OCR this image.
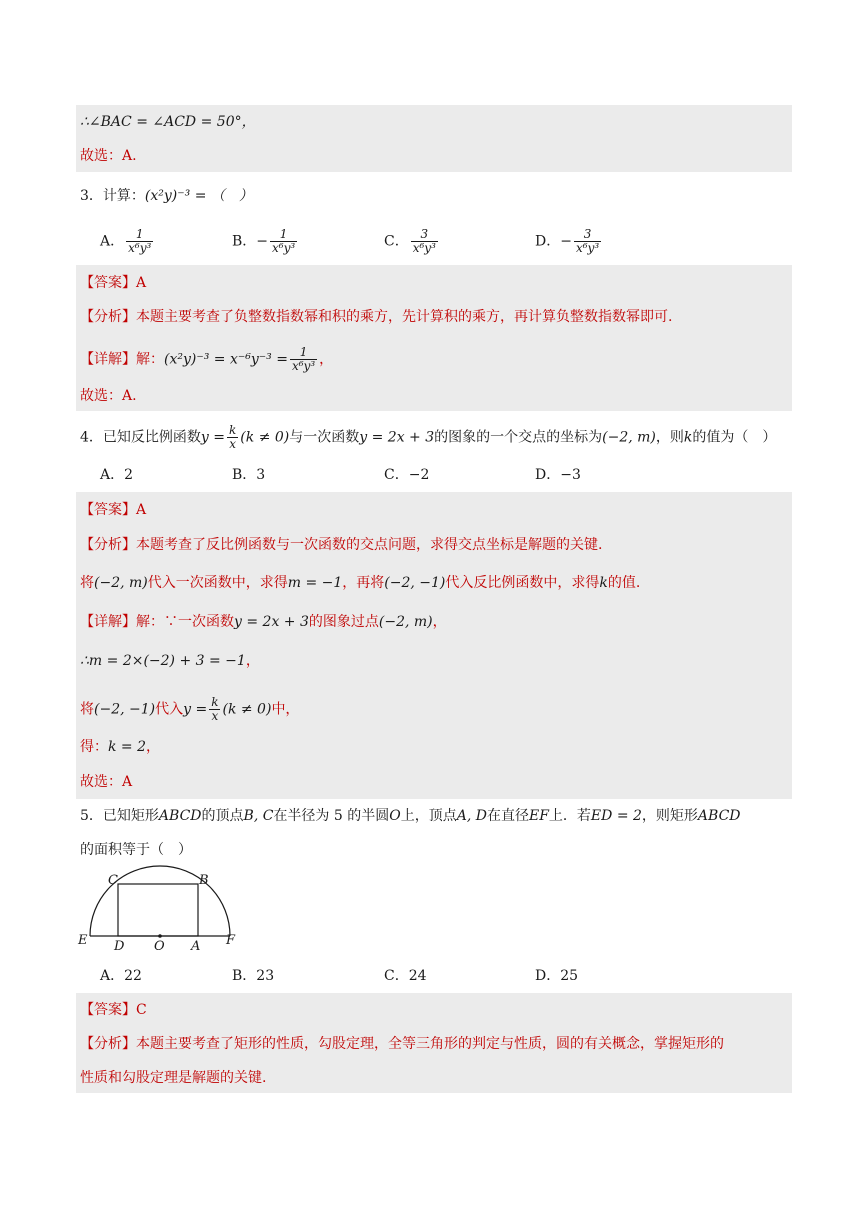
∴∠BAC = ∠ACD = 50°，
故选：A.
3．计算：(x²y)⁻³ = （　）
A． $\frac{1}{\text{x⁶y³}}$	B．− $\frac{1}{\text{x⁶y³}}$	C． $\frac{3}{\text{x⁶y³}}$	D．− $\frac{3}{\text{x⁶y³}}$
【答案】A
【分析】本题主要考查了负整数指数幂和积的乘方，先计算积的乘方，再计算负整数指数幂即可.
【详解】解：$(x^2y)^{-3} = x^{-6}y^{-3} = \frac{1}{\text{x⁶y³}}$ ，
故选：A.
4．已知反比例函数$y = \frac{k}{x} (k \ne 0)$与一次函数y = 2x + 3的图象的一个交点的坐标为(−2, m)，则k的值为（　）
A．2	B．3	C．−2	D．−3
【答案】A
【分析】本题考查了反比例函数与一次函数的交点问题，求得交点坐标是解题的关键.
将(−2, m)代入一次函数中，求得m = −1，再将(−2, −1)代入反比例函数中，求得k的值.
【详解】解：∵一次函数y = 2x + 3的图象过点(−2, m)，
∴m = 2×(−2) + 3 = −1，
将(−2, −1)代入$y = \frac{k}{x} (k \ne 0)$中，
得：k = 2，
故选：A
5．已知矩形ABCD的顶点B, C在半径为 5 的半圆O上，顶点A, D在直径EF上．若ED = 2，则矩形ABCD
的面积等于（　）
C	B
E D O A F
A．22	B．23	C．24	D．25
【答案】C
【分析】本题主要考查了矩形的性质，勾股定理，全等三角形的判定与性质，圆的有关概念，掌握矩形的
性质和勾股定理是解题的关键.
